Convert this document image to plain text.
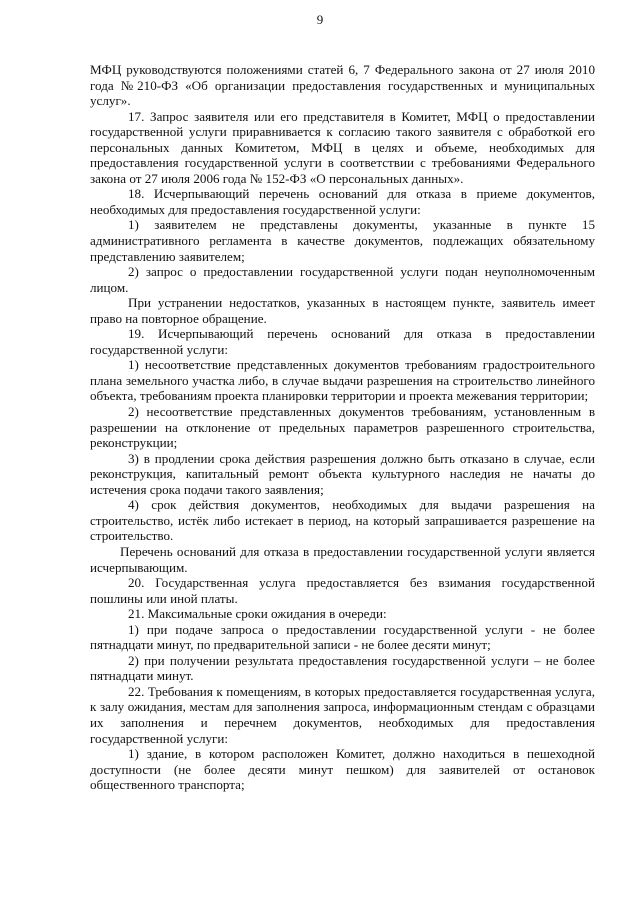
9

МФЦ руководствуются положениями статей 6, 7 Федерального закона от 27 июля 2010 года №210-ФЗ «Об организации предоставления государственных и муниципальных услуг».

17. Запрос заявителя или его представителя в Комитет, МФЦ о предоставлении государственной услуги приравнивается к согласию такого заявителя с обработкой его персональных данных Комитетом, МФЦ в целях и объеме, необходимых для предоставления государственной услуги в соответствии с требованиями Федерального закона от 27 июля 2006 года № 152-ФЗ «О персональных данных».

18. Исчерпывающий перечень оснований для отказа в приеме документов, необходимых для предоставления государственной услуги:

1) заявителем не представлены документы, указанные в пункте 15 административного регламента в качестве документов, подлежащих обязательному представлению заявителем;

2) запрос о предоставлении государственной услуги подан неуполномоченным лицом.

При устранении недостатков, указанных в настоящем пункте, заявитель имеет право на повторное обращение.

19. Исчерпывающий перечень оснований для отказа в предоставлении государственной услуги:

1) несоответствие представленных документов требованиям градостроительного плана земельного участка либо, в случае выдачи разрешения на строительство линейного объекта, требованиям проекта планировки территории и проекта межевания территории;

2) несоответствие представленных документов требованиям, установленным в разрешении на отклонение от предельных параметров разрешенного строительства, реконструкции;

3) в продлении срока действия разрешения должно быть отказано в случае, если реконструкция, капитальный ремонт объекта культурного наследия не начаты до истечения срока подачи такого заявления;

4) срок действия документов, необходимых для выдачи разрешения на строительство, истёк либо истекает в период, на который запрашивается разрешение на строительство.

Перечень оснований для отказа в предоставлении государственной услуги является исчерпывающим.

20. Государственная услуга предоставляется без взимания государственной пошлины или иной платы.

21. Максимальные сроки ожидания в очереди:

1) при подаче запроса о предоставлении государственной услуги - не более пятнадцати минут, по предварительной записи - не более десяти минут;

2) при получении результата предоставления государственной услуги – не более пятнадцати минут.

22. Требования к помещениям, в которых предоставляется государственная услуга, к залу ожидания, местам для заполнения запроса, информационным стендам с образцами их заполнения и перечнем документов, необходимых для предоставления государственной услуги:

1) здание, в котором расположен Комитет, должно находиться в пешеходной доступности (не более десяти минут пешком) для заявителей от остановок общественного транспорта;
